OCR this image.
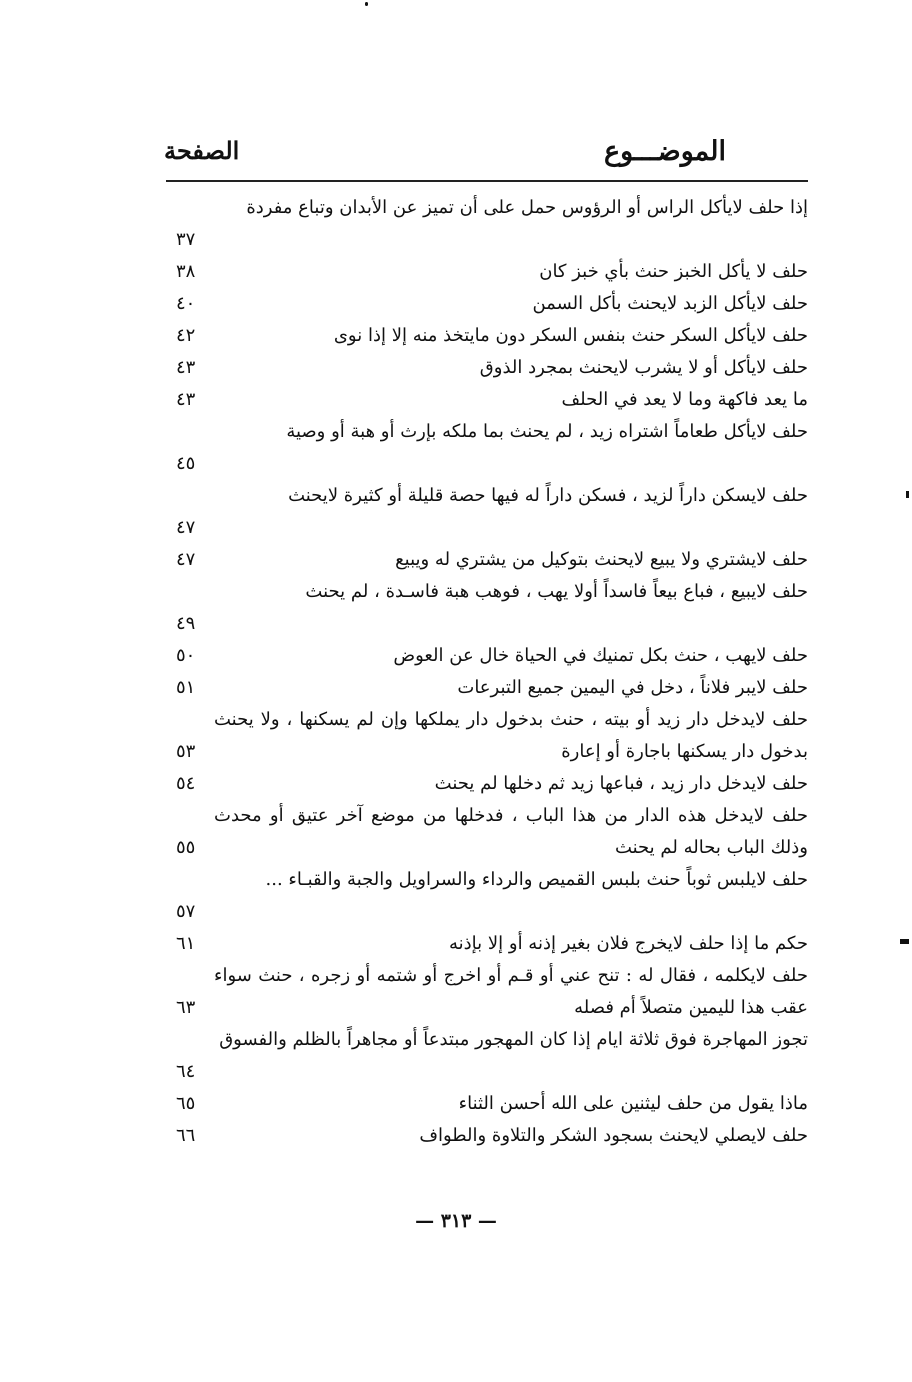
الموضـــوع
الصفحة
إذا حلف لايأكل الراس أو الرؤوس حمل على أن تميز عن الأبدان وتباع مفردة
٣٧
حلف لا يأكل الخبز حنث بأي خبز كان
٣٨
حلف لايأكل الزبد لايحنث بأكل السمن
٤٠
حلف لايأكل السكر حنث بنفس السكر دون مايتخذ منه إلا إذا نوى
٤٢
حلف لايأكل أو لا يشرب لايحنث بمجرد الذوق
٤٣
ما يعد فاكهة وما لا يعد في الحلف
٤٣
حلف لايأكل طعاماً اشتراه زيد ، لم يحنث بما ملكه بإرث أو هبة أو وصية
٤٥
حلف لايسكن داراً لزيد ، فسكن داراً له فيها حصة قليلة أو كثيرة لايحنث
٤٧
حلف لايشتري ولا يبيع لايحنث بتوكيل من يشتري له ويبيع
٤٧
حلف لايبيع ، فباع بيعاً فاسداً أولا يهب ، فوهب هبة فاسـدة ، لم يحنث
٤٩
حلف لايهب ، حنث بكل تمنيك في الحياة خال عن العوض
٥٠
حلف لايبر فلاناً ، دخل في اليمين جميع التبرعات
٥١
حلف لايدخل دار زيد أو بيته ، حنث بدخول دار يملكها وإن لم يسكنها ، ولا يحنث بدخول دار يسكنها باجارة أو إعارة
٥٣
حلف لايدخل دار زيد ، فباعها زيد ثم دخلها لم يحنث
٥٤
حلف لايدخل هذه الدار من هذا الباب ، فدخلها من موضع آخر عتيق أو محدث وذلك الباب بحاله لم يحنث
٥٥
حلف لايلبس ثوباً حنث بلبس القميص والرداء والسراويل والجبة والقبـاء ...
٥٧
حكم ما إذا حلف لايخرج فلان بغير إذنه أو إلا بإذنه
٦١
حلف لايكلمه ، فقال له : تنح عني أو قـم أو اخرج أو شتمه أو زجره ، حنث سواء عقب هذا لليمين متصلاً أم فصله
٦٣
تجوز المهاجرة فوق ثلاثة ايام إذا كان المهجور مبتدعاً أو مجاهراً بالظلم والفسوق
٦٤
ماذا يقول من حلف ليثنين على الله أحسن الثناء
٦٥
حلف لايصلي لايحنث بسجود الشكر والتلاوة والطواف
٦٦
— ٣١٣ —
